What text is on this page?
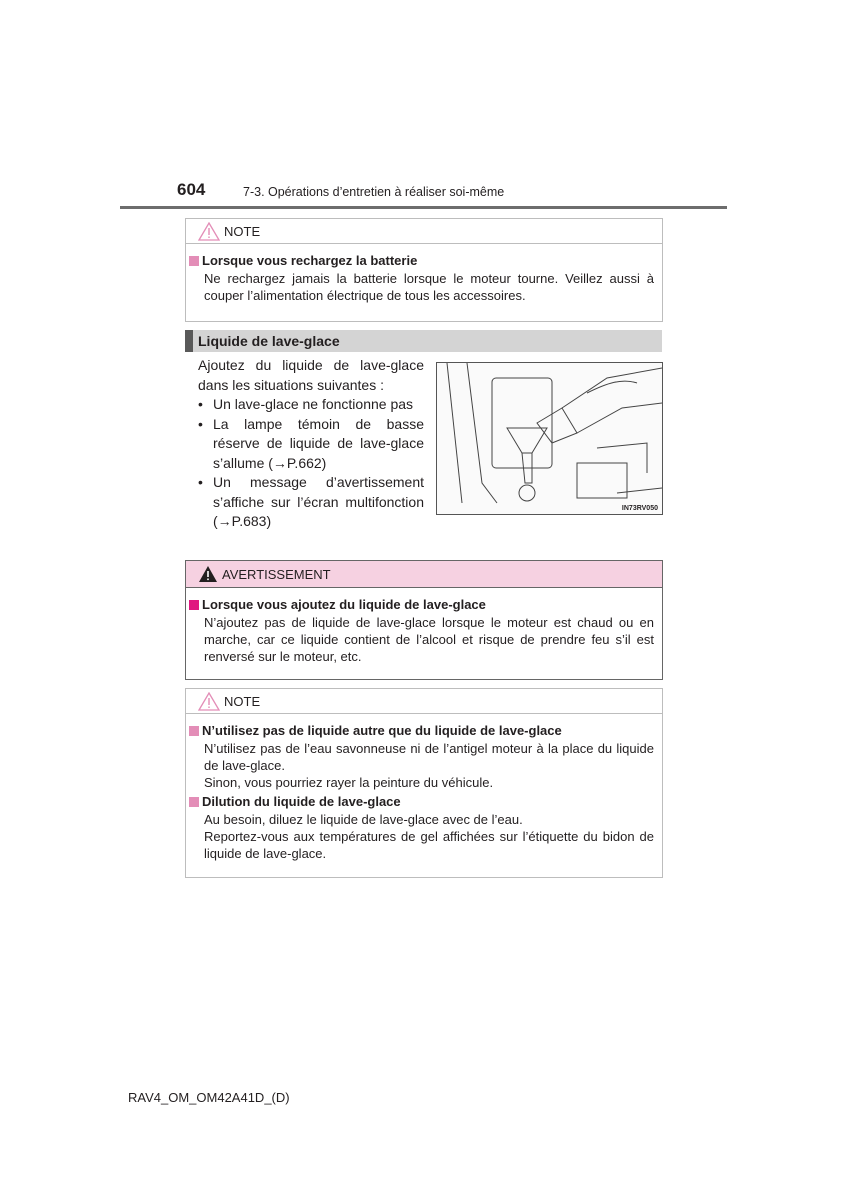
604	7-3. Opérations d’entretien à réaliser soi-même
NOTE
Lorsque vous rechargez la batterie
Ne rechargez jamais la batterie lorsque le moteur tourne. Veillez aussi à couper l’alimentation électrique de tous les accessoires.
Liquide de lave-glace
Ajoutez du liquide de lave-glace dans les situations suivantes :
• Un lave-glace ne fonctionne pas
• La lampe témoin de basse réserve de liquide de lave-glace s’allume (→P.662)
• Un message d’avertissement s’affiche sur l’écran multifonction (→P.683)
IN73RV050
AVERTISSEMENT
Lorsque vous ajoutez du liquide de lave-glace
N’ajoutez pas de liquide de lave-glace lorsque le moteur est chaud ou en marche, car ce liquide contient de l’alcool et risque de prendre feu s’il est renversé sur le moteur, etc.
NOTE
N’utilisez pas de liquide autre que du liquide de lave-glace
N’utilisez pas de l’eau savonneuse ni de l’antigel moteur à la place du liquide de lave-glace.
Sinon, vous pourriez rayer la peinture du véhicule.
Dilution du liquide de lave-glace
Au besoin, diluez le liquide de lave-glace avec de l’eau.
Reportez-vous aux températures de gel affichées sur l’étiquette du bidon de liquide de lave-glace.
RAV4_OM_OM42A41D_(D)
